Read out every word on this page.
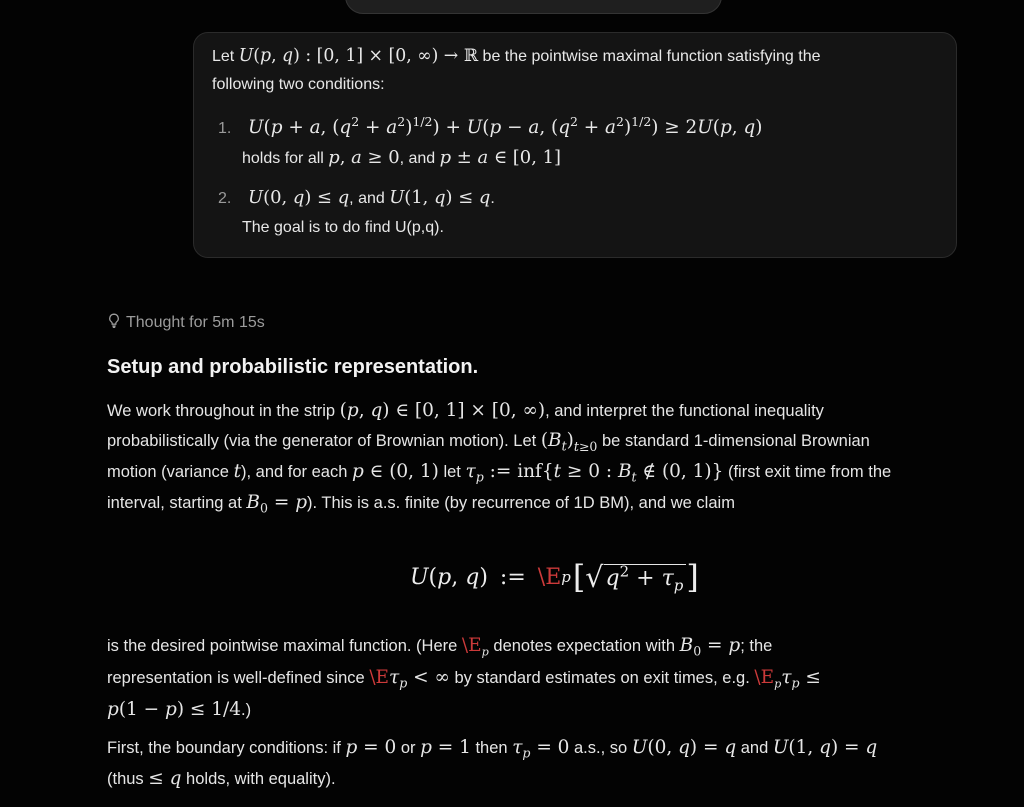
Let U(p, q) : [0, 1] × [0, ∞) → ℝ be the pointwise maximal function satisfying the
following two conditions:
1. U(p + a, $(q^2 + a^2)^{1/2}) + U(p - a$, $(q^2 + a^2)^{1/2}) \ge 2U(p$, q)
holds for all p, a ≥ 0, and p ± a ∈ [0, 1]
2. U(0, q) ≤ q, and U(1, q) ≤ q.
The goal is to do find U(p,q).
Thought for 5m 15s
Setup and probabilistic representation.
We work throughout in the strip (p, q) ∈ [0, 1] × [0, ∞), and interpret the functional inequality
probabilistically (via the generator of Brownian motion). Let $(B_t)_{t\ge 0}$ be standard 1-dimensional Brownian
motion (variance t), and for each p ∈ (0, 1) let $\tau_p$ := inf{t ≥ 0 : $B_t$ ∉ (0, 1)} (first exit time from the
interval, starting at $B_0 = p$). This is a.s. finite (by recurrence of 1D BM), and we claim
U ( p , q ) := \E p [ √ $q^2 + \tau_p$ ]
is the desired pointwise maximal function. (Here $\backslash E_p$ denotes expectation with $B_0 = p$; the
representation is well-defined since $\backslash E\tau_p$ < ∞ by standard estimates on exit times, e.g. $\backslash E_p\tau_p$ ≤
p(1 − p) ≤ 1/4.)
First, the boundary conditions: if p = 0 or p = 1 then $\tau_p = 0$ a.s., so U(0, q) = q and U(1, q) = q
(thus ≤ q holds, with equality).
